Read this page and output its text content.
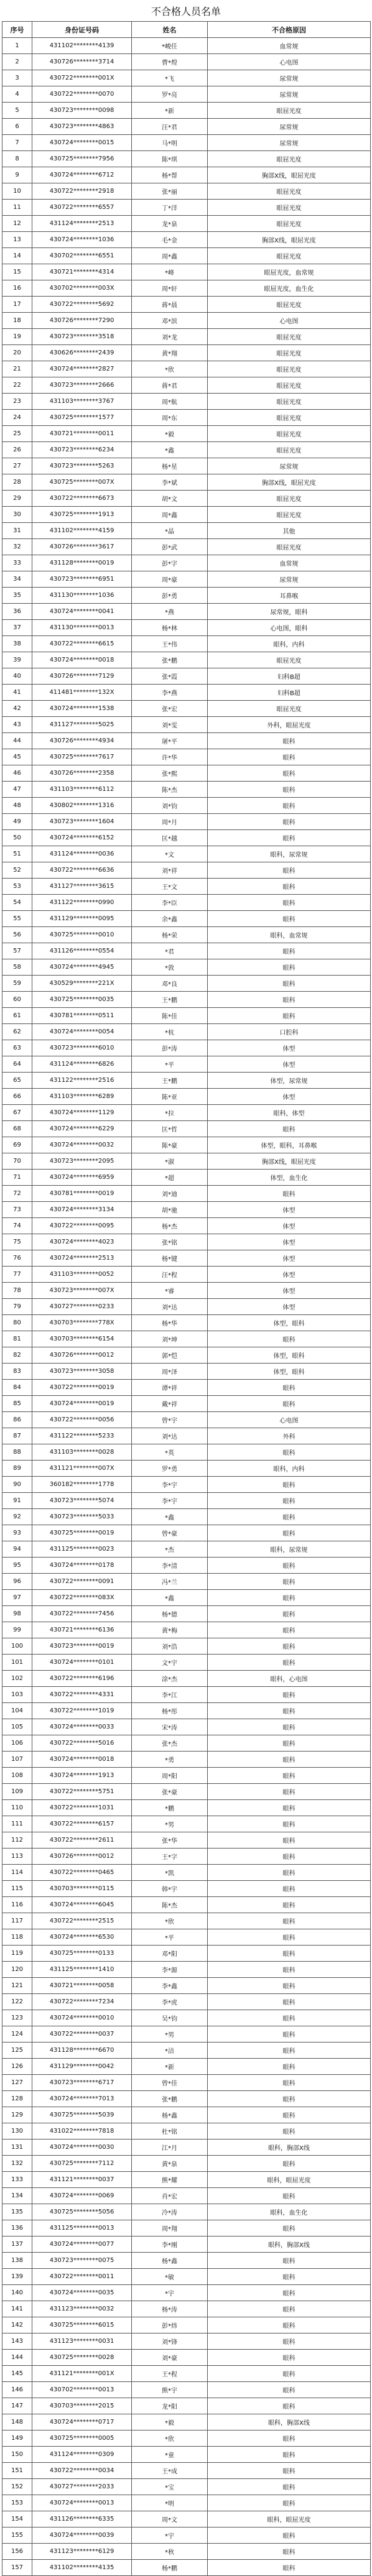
不合格人员名单
序号	身份证号码	姓名	不合格原因
1	431102********4139	*峻任	血常规
2	430726********3714	曹*煌	心电图
3	430722********001X	*飞	尿常规
4	430722********0070	罗*亮	尿常规
5	430723********0098	*新	眼屈光度
6	430723********4863	汪*君	尿常规
7	430724********0015	马*明	尿常规
8	430725********7956	陈*琪	眼屈光度
9	430724********6712	杨*帮	胸部X线，眼屈光度
10	430722********2918	张*丽	眼屈光度
11	430722********6557	丁*洋	眼屈光度
12	431124********2513	龙*泉	眼屈光度
13	430724********1036	毛*金	胸部X线，眼屈光度
14	430702********6551	周*鑫	眼屈光度
15	430721********4314	*峰	眼屈光度，血常规
16	430702********003X	周*轩	眼屈光度，血生化
17	430722********5692	蒋*晨	眼屈光度
18	430726********7290	邓*滨	心电图
19	430723********3518	刘*龙	眼屈光度
20	430626********2439	黄*翔	眼屈光度
21	430724********2827	*欣	眼屈光度
22	430723********2666	蒋*君	眼屈光度
23	431103********3767	周*航	眼屈光度
24	430725********1577	周*东	眼屈光度
25	430721********0011	*毅	眼屈光度
26	430723********6234	*鑫	眼屈光度
27	430723********5263	杨*星	尿常规
28	430725********007X	李*斌	胸部X线，眼屈光度
29	430722********6673	胡*文	眼屈光度
30	430725********1913	周*鑫	眼屈光度
31	431102********4159	*晶	其他
32	430726********3617	彭*武	眼屈光度
33	431128********0019	彭*字	血常规
34	430723********6951	周*豪	尿常规
35	431130********1036	彭*勇	耳鼻喉
36	430724********0041	*燕	尿常规，眼科
37	431130********0013	杨*林	心电图，眼科
38	430722********6615	王*伟	眼科，内科
39	430724********0018	张*鹏	眼屈光度
40	430726********7129	张*霞	妇科B超
41	411481********132X	李*燕	妇科B超
42	430724********1538	张*宏	眼屈光度
43	431127********5025	刘*雯	外科，眼屈光度
44	430726********4934	屠*平	眼科
45	430725********7617	许*华	眼科
46	430726********2358	张*熙	眼科
47	431103********6112	陈*杰	眼科
48	430802********1316	刘*钧	眼科
49	430723********1604	周*月	眼科
50	430724********6152	匡*越	眼科
51	431124********0036	*文	眼科，尿常规
52	430722********6636	刘*祥	眼科
53	431127********3615	王*文	眼科
54	431122********0990	李*臣	眼科
55	431129********0095	余*鑫	眼科
56	430725********0010	杨*荣	眼科，血常规
57	431126********0554	*君	眼科
58	430724********4945	*敦	眼科
59	430529********221X	邓*良	眼科
60	430725********0035	王*鹏	眼科
61	430781********0511	陈*佳	眼科
62	430724********0054	*杭	口腔科
63	430723********6010	彭*涛	体型
64	431124********6826	*平	体型
65	431122********2516	王*鹏	体型，尿常规
66	431103********6289	陈*亚	体型
67	430724********1129	*拉	眼科，体型
68	430724********6229	匡*哲	眼科
69	430724********0032	陈*豪	体型，眼科，耳鼻喉
70	430723********2095	*淑	胸部X线，眼屈光度
71	430724********6959	*超	体型，血生化
72	430781********0019	刘*迪	眼科
73	430724********3134	胡*驰	体型
74	430722********0095	杨*杰	体型
75	430724********4023	张*铭	体型
76	430724********2513	杨*键	体型
77	431103********0052	汪*程	体型
78	430723********007X	*睿	体型
79	430727********0233	刘*达	体型
80	430703********778X	杨*华	体型，眼科
81	430703********6154	刘*坤	眼科
82	430726********0012	郭*恺	体型，眼科
83	430723********3058	周*泽	体型，眼科
84	430722********0019	谭*祥	眼科
85	430724********0019	戴*祥	眼科
86	430722********0056	曾*宇	心电图
87	431122********5233	刘*达	外科
88	431103********0028	*英	眼科
89	431121********007X	罗*勇	眼科，内科
90	360182********1778	李*宇	眼科
91	430723********5074	李*宇	眼科
92	430723********5033	*鑫	眼科
93	430725********0019	曾*豪	眼科
94	431125********0023	*杰	眼科，尿常规
95	430724********0178	李*清	眼科
96	430722********0091	冯*兰	眼科
97	430722********083X	*鑫	眼科
98	430722********7456	杨*德	眼科
99	430721********6136	黄*梅	眼科
100	430723********0019	刘*浩	眼科
101	430724********0101	文*宇	眼科
102	430722********6196	涂*杰	眼科，心电图
103	430722********4331	李*江	眼科
104	430722********1019	杨*彤	眼科
105	430724********0033	宋*涛	眼科
106	430722********5016	张*杰	眼科
107	430724********0018	*勇	眼科
108	430724********1913	周*阳	眼科
109	430722********5751	张*豪	眼科
110	430722********1031	*鹏	眼科
111	430722********6157	*男	眼科
112	430722********2611	张*华	眼科
113	430726********0012	王*字	眼科
114	430722********0465	*凯	眼科
115	430703********0115	韩*宇	眼科
116	430724********6045	陈*杰	眼科
117	430722********2515	*欣	眼科
118	430724********6530	*平	眼科
119	430725********0133	邓*阳	眼科
120	431125********1410	李*源	眼科
121	430721********0058	李*鑫	眼科
122	430722********7234	李*虎	眼科
123	430724********0010	吴*钧	眼科
124	430722********0037	*男	眼科
125	431128********6670	*洁	眼科
126	431129********0042	*新	眼科
127	430723********6717	曾*佳	眼科
128	430724********7013	张*鹏	眼科
129	430725********5039	杨*鑫	眼科
130	431022********7818	杜*铭	眼科
131	430724********0030	江*月	眼科，胸部X线
132	430725********7112	黄*泉	眼科
133	431121********0037	熊*耀	眼科，眼屈光度
134	430724********0069	肖*宏	眼科
135	430725********5056	冷*涛	眼科，血生化
136	431125********0013	周*翔	眼科
137	430724********0077	李*刚	眼科，胸部X线
138	430723********0075	杨*鑫	眼科
139	430722********0011	*敏	眼科
140	430724********0035	*宇	眼科
141	431123********0032	杨*涛	眼科
142	430725********6015	彭*炜	眼科
143	431123********0031	刘*锋	眼科
144	430725********0028	刘*豪	眼科
145	431121********001X	王*程	眼科
146	430702********0013	熊*宇	眼科
147	430703********2015	龙*阳	眼科
148	430724********0717	*毅	眼科，胸部X线
149	430725********0005	*欣	眼科
150	431124********0309	*童	眼科
151	430722********0034	王*成	眼科
152	430727********2033	*宝	眼科
153	430724********0013	*明	眼科
154	431126********6335	周*文	眼科，眼屈光度
155	430724********0039	*宇	眼科
156	431123********6129	*秋	眼科
157	431102********4135	杨*鹏	眼科
